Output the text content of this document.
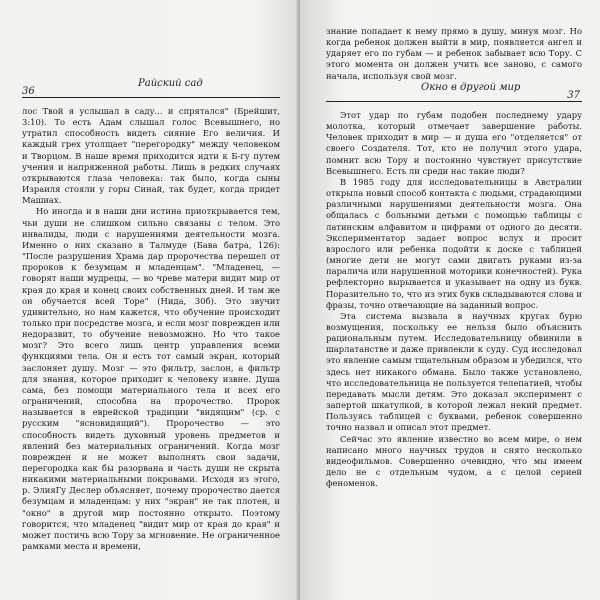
36
Райский сад

лос Твой я услышал в саду... и спрятался" (Брейшит, 3:10). То есть Адам слышал голос Всевышнего, но утратил способность видеть сияние Его величия. И каждый грех утолщает "перегородку" между человеком и Творцом. В наше время приходится идти к Б-гу путем учения и напряженной работы. Лишь в редких случаях открываются глаза человека: так было, когда сыны Израиля стояли у горы Синай, так будет, когда придет Машиах.

Но иногда и в наши дни истина приоткрывается тем, чьи души не слишком сильно связаны с телом. Это инвалиды, люди с нарушениями деятельности мозга. Именно о них сказано в Талмуде (Бава батра, 126): "После разрушения Храма дар пророчества перешел от пророков к безумцам и младенцам". "Младенец, — говорят наши мудрецы, — во чреве матери видит мир от края до края и конец своих собственных дней. И там же он обучается всей Торе" (Нида, 30б). Это звучит удивительно, но нам кажется, что обучение происходит только при посредстве мозга, и если мозг поврежден или недоразвит, то обучение невозможно. Но что такое мозг? Это всего лишь центр управления всеми функциями тела. Он и есть тот самый экран, который заслоняет душу. Мозг — это фильтр, заслон, а фильтр для знания, которое приходит к человеку извне. Душа сама, без помощи материального тела и всех его ограничений, способна на пророчество. Пророк называется в еврейской традиции "видящим" (ср. с русским "ясновидящий"). Пророчество — это способность видеть духовный уровень предметов и явлений без материальных ограничений. Когда мозг поврежден и не может выполнять свои задачи, перегородка как бы разорвана и часть души не скрыта никакими материальными покровами. Исходя из этого, р. ЭлияГу Деслер объясняет, почему пророчество дается безумцам и младенцам: у них "экран" не так плотен, и "окно" в другой мир постоянно открыто. Поэтому говорится, что младенец "видит мир от края до края" и может постичь всю Тору за мгновение. Не ограниченное рамками места и времени,

знание попадает к нему прямо в душу, минуя мозг. Но когда ребенок должен выйти в мир, появляется ангел и ударяет его по губам — и ребенок забывает всю Тору. С этого момента он должен учить все заново, с самого начала, используя свой мозг.

Окно в другой мир
37

Этот удар по губам подобен последнему удару молотка, который отмечает завершение работы. Человек приходит в мир — и душа его "отделяется" от своего Создателя. Тот, кто не получил этого удара, помнит всю Тору и постоянно чувствует присутствие Всевышнего. Есть ли среди нас такие люди?

В 1985 году для исследовательницы в Австралии открыла новый способ контакта с людьми, страдающими различными нарушениями деятельности мозга. Она общалась с больными детьми с помощью таблицы с латинским алфавитом и цифрами от одного до десяти. Экспериментатор задает вопрос вслух и просит взрослого или ребенка подойти к доске с таблицей (многие дети не могут сами двигать руками из-за паралича или нарушенной моторики конечностей). Рука рефлекторно вырывается и указывает на одну из букв. Поразительно то, что из этих букв складываются слова и фразы, точно отвечающие на заданный вопрос.

Эта система вызвала в научных кругах бурю возмущения, поскольку ее нельзя было объяснить рациональным путем. Исследовательницу обвинили в шарлатанстве и даже привлекли к суду. Суд исследовал это явление самым тщательным образом и убедился, что здесь нет никакого обмана. Было также установлено, что исследовательница не пользуется телепатией, чтобы передавать мысли детям. Это доказал эксперимент с запертой шкатулкой, в которой лежал некий предмет. Пользуясь таблицей с буквами, ребенок совершенно точно назвал и описал этот предмет.

Сейчас это явление известно во всем мире, о нем написано много научных трудов и снято несколько видеофильмов. Совершенно очевидно, что мы имеем дело не с отдельным чудом, а с целой серией феноменов.
